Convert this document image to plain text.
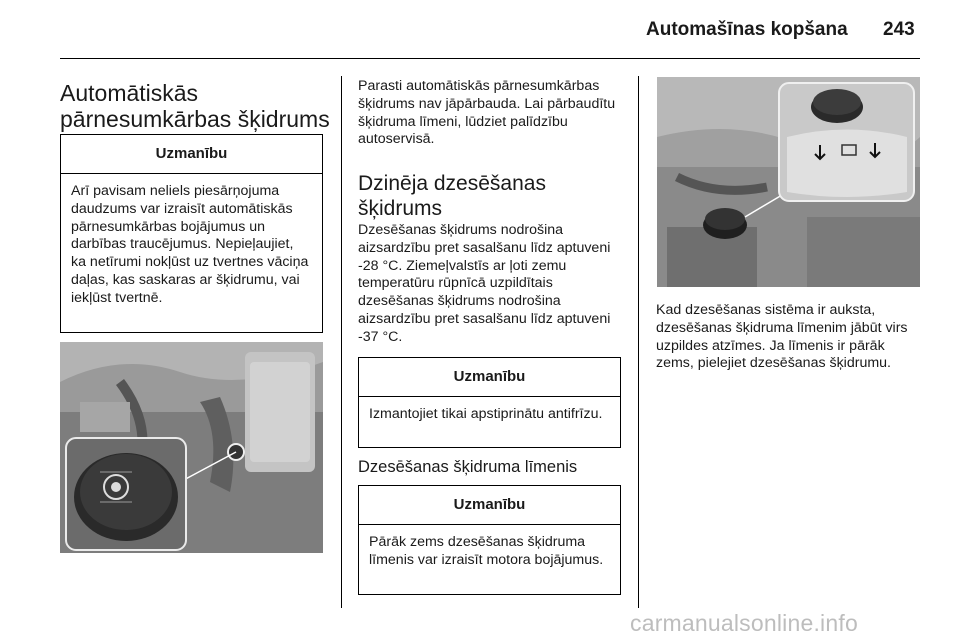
Automašīnas kopšana 243
Automātiskās pārnesumkārbas šķidrums
Uzmanību
Arī pavisam neliels piesārņojuma daudzums var izraisīt automātiskās pārnesumkārbas bojājumus un darbības traucējumus. Nepieļaujiet, ka netīrumi nokļūst uz tvertnes vāciņa daļas, kas saskaras ar šķidrumu, vai iekļūst tvertnē.

Parasti automātiskās pārnesumkārbas šķidrums nav jāpārbauda. Lai pārbaudītu šķidruma līmeni, lūdziet palīdzību autoservisā.

Dzinēja dzesēšanas šķidrums

Dzesēšanas šķidrums nodrošina aizsardzību pret sasalšanu līdz aptuveni -28 °C. Ziemeļvalstīs ar ļoti zemu temperatūru rūpnīcā uzpildītais dzesēšanas šķidrums nodrošina aizsardzību pret sasalšanu līdz aptuveni -37 °C.

Uzmanību
Izmantojiet tikai apstiprinātu antifrīzu.
Dzesēšanas šķidruma līmenis
Uzmanību
Pārāk zems dzesēšanas šķidruma līmenis var izraisīt motora bojājumus.

Kad dzesēšanas sistēma ir auksta, dzesēšanas šķidruma līmenim jābūt virs uzpildes atzīmes. Ja līmenis ir pārāk zems, pielejiet dzesēšanas šķidrumu.

carmanualsonline.info
